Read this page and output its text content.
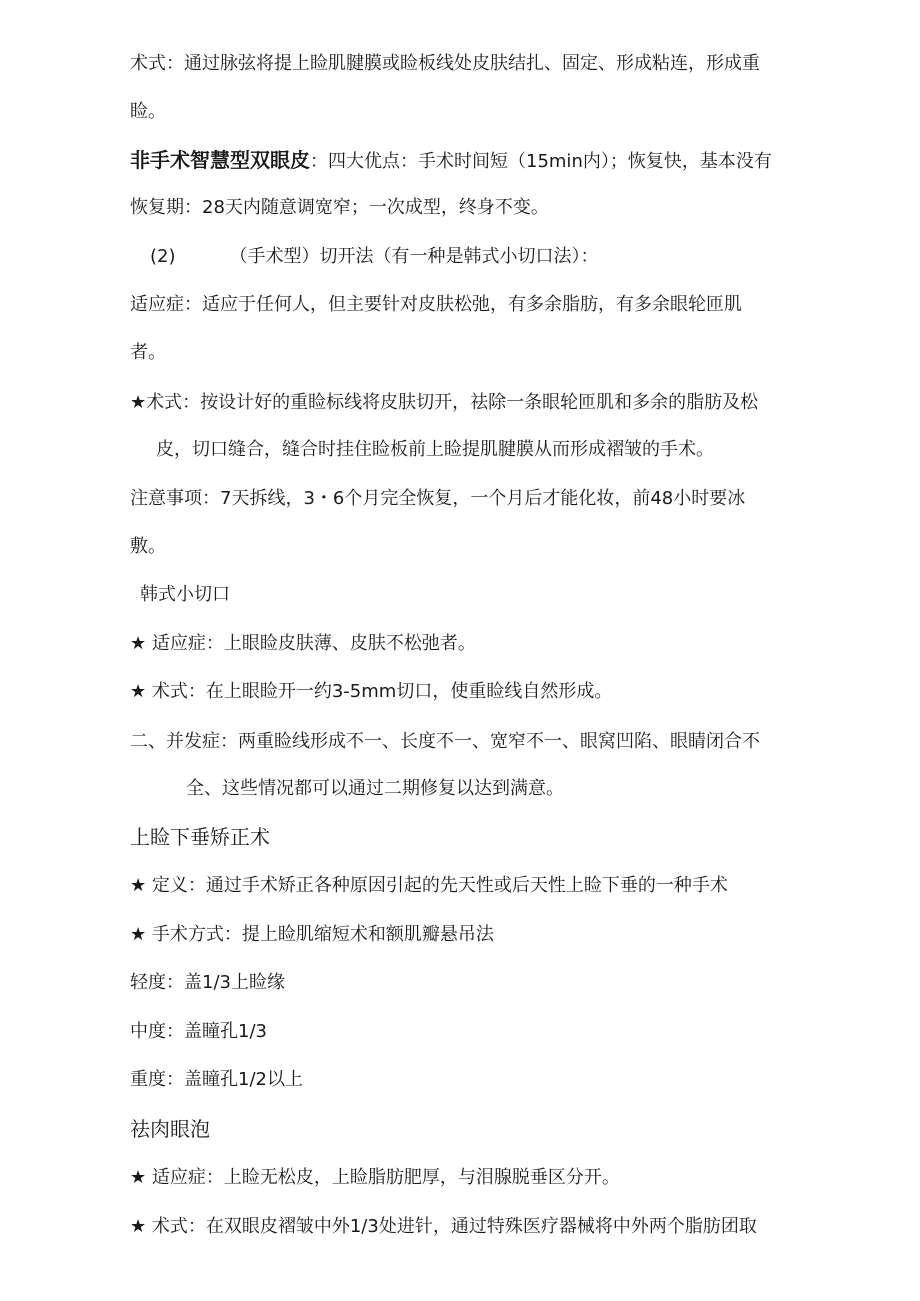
术式：通过脉弦将提上睑肌腱膜或睑板线处皮肤结扎、固定、形成粘连，形成重
睑。
非手术智慧型双眼皮：四大优点：手术时间短（15min内）；恢复快，基本没有
恢复期：28天内随意调宽窄；一次成型，终身不变。
(2)	（手术型）切开法（有一种是韩式小切口法）：
适应症：适应于任何人，但主要针对皮肤松弛，有多余脂肪，有多余眼轮匝肌
者。
★术式：按设计好的重睑标线将皮肤切开，祛除一条眼轮匝肌和多余的脂肪及松
皮，切口缝合，缝合时挂住睑板前上睑提肌腱膜从而形成褶皱的手术。
注意事项：7天拆线，3・6个月完全恢复，一个月后才能化妆，前48小时要冰
敷。
韩式小切口
★ 适应症：上眼睑皮肤薄、皮肤不松弛者。
★ 术式：在上眼睑开一约3-5mm切口，使重睑线自然形成。
二、并发症：两重睑线形成不一、长度不一、宽窄不一、眼窝凹陷、眼睛闭合不
全、这些情况都可以通过二期修复以达到满意。
上睑下垂矫正术
★ 定义：通过手术矫正各种原因引起的先天性或后天性上睑下垂的一种手术
★ 手术方式：提上睑肌缩短术和额肌瓣悬吊法
轻度：盖1/3上睑缘
中度：盖瞳孔1/3
重度：盖瞳孔1/2以上
祛肉眼泡
★ 适应症：上睑无松皮，上睑脂肪肥厚，与泪腺脱垂区分开。
★ 术式：在双眼皮褶皱中外1/3处进针，通过特殊医疗器械将中外两个脂肪团取
